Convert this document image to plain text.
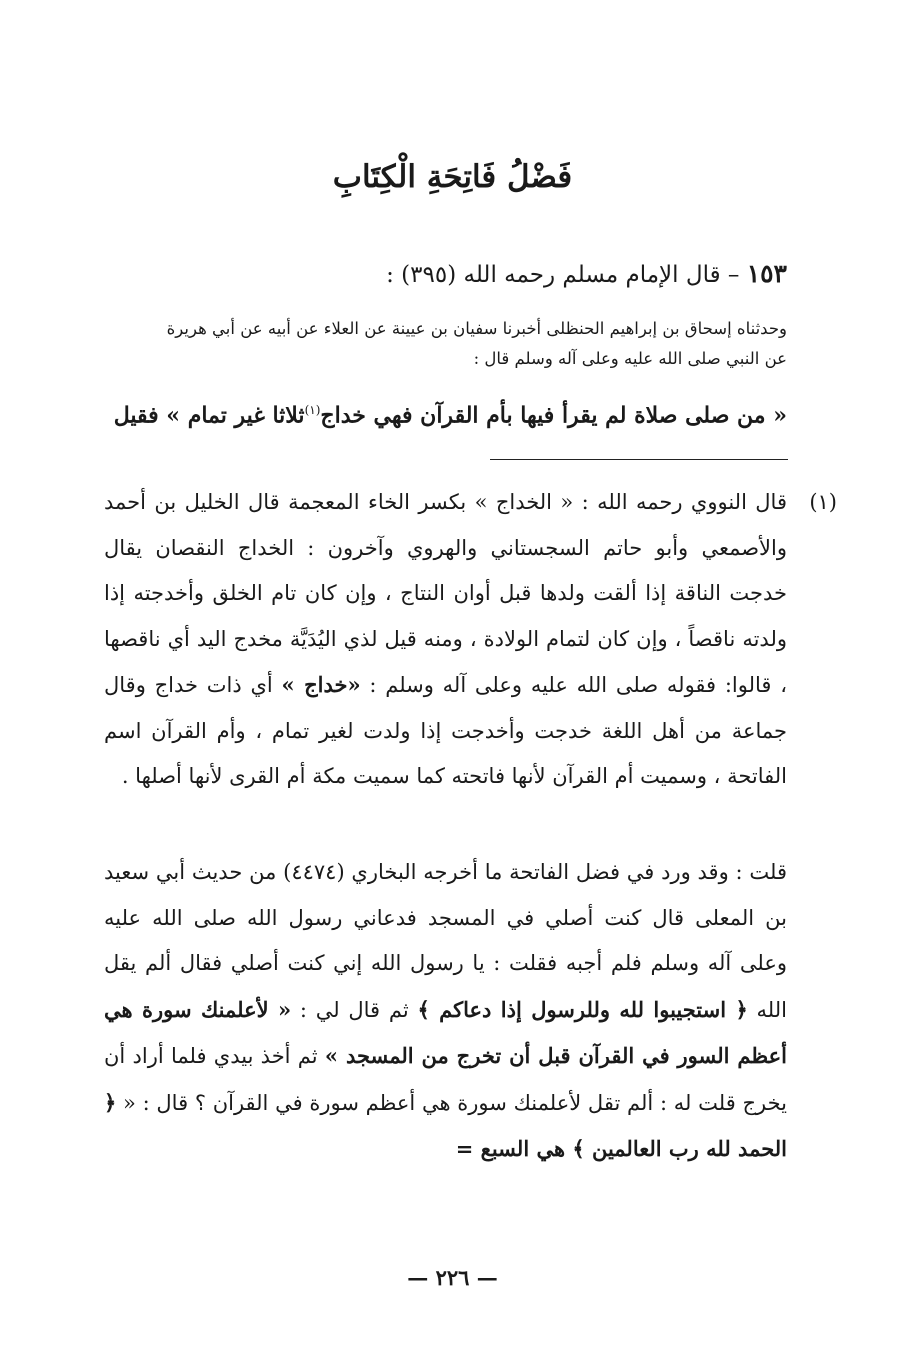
فَضْلُ فَاتِحَةِ الْكِتَابِ
١٥٣ – قال الإمام مسلم رحمه الله (٣٩٥) :

وحدثناه إسحاق بن إبراهيم الحنظلى أخبرنا سفيان بن عيينة عن العلاء عن أبيه عن أبي هريرة

عن النبي صلى الله عليه وعلى آله وسلم قال :

« من صلى صلاة لم يقرأ فيها بأم القرآن فهي خداج$^{(١)}$ثلاثا غير تمام » فقيل
(١)
قال النووي رحمه الله : « الخداج » بكسر الخاء المعجمة قال الخليل بن أحمد والأصمعي وأبو حاتم السجستاني والهروي وآخرون : الخداج النقصان يقال خدجت الناقة إذا ألقت ولدها قبل أوان النتاج ، وإن كان تام الخلق وأخدجته إذا ولدته ناقصاً ، وإن كان لتمام الولادة ، ومنه قيل لذي اليُدَيَّة مخدج اليد أي ناقصها ، قالوا: فقوله صلى الله عليه وعلى آله وسلم : «خداج » أي ذات خداج وقال جماعة من أهل اللغة خدجت وأخدجت إذا ولدت لغير تمام ، وأم القرآن اسم الفاتحة ، وسميت أم القرآن لأنها فاتحته كما سميت مكة أم القرى لأنها أصلها .
قلت : وقد ورد في فضل الفاتحة ما أخرجه البخاري (٤٤٧٤) من حديث أبي سعيد بن المعلى قال كنت أصلي في المسجد فدعاني رسول الله صلى الله عليه وعلى آله وسلم فلم أجبه فقلت : يا رسول الله إني كنت أصلي فقال ألم يقل الله ﴿ استجيبوا لله وللرسول إذا دعاكم ﴾ ثم قال لي : « لأعلمنك سورة هي أعظم السور في القرآن قبل أن تخرج من المسجد » ثم أخذ بيدي فلما أراد أن يخرج قلت له : ألم تقل لأعلمنك سورة هي أعظم سورة في القرآن ؟ قال : « ﴿ الحمد لله رب العالمين ﴾ هي السبع =
— ٢٢٦ —
